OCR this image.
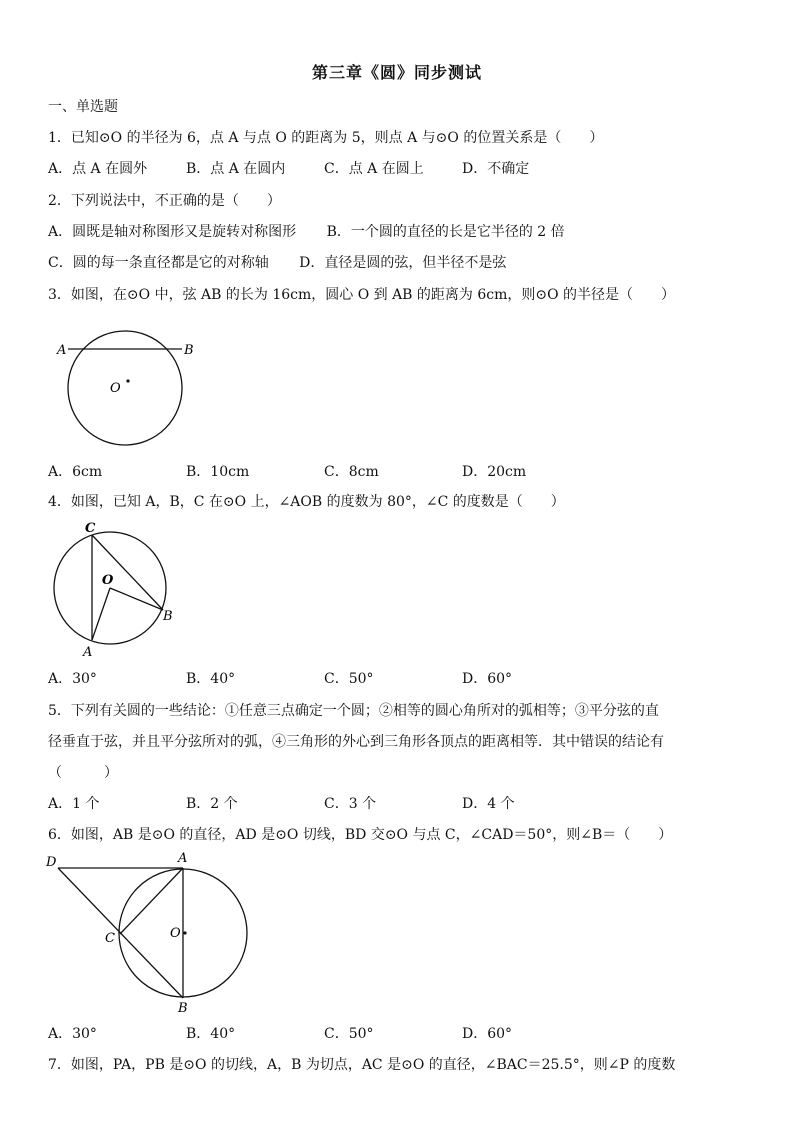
第三章《圆》同步测试
一、单选题
1．已知⊙O 的半径为 6，点 A 与点 O 的距离为 5，则点 A 与⊙O 的位置关系是（　　）
A．点 A 在圆外	B．点 A 在圆内	C．点 A 在圆上	D．不确定
2．下列说法中，不正确的是（　　）
A．圆既是轴对称图形又是旋转对称图形 B．一个圆的直径的长是它半径的 2 倍
C．圆的每一条直径都是它的对称轴 D．直径是圆的弦，但半径不是弦
3．如图，在⊙O 中，弦 AB 的长为 16cm，圆心 O 到 AB 的距离为 6cm，则⊙O 的半径是（　　）
A	B
O
A．6cm	B．10cm	C．8cm	D．20cm
4．如图，已知 A，B，C 在⊙O 上，∠AOB 的度数为 80°，∠C 的度数是（　　）
C
O
B
A
A．30°	B．40°	C．50°	D．60°
5．下列有关圆的一些结论：①任意三点确定一个圆；②相等的圆心角所对的弧相等；③平分弦的直
径垂直于弦，并且平分弦所对的弧，④三角形的外心到三角形各顶点的距离相等．其中错误的结论有
（　　　）
A．1 个	B．2 个	C．3 个	D．4 个
6．如图，AB 是⊙O 的直径，AD 是⊙O 切线，BD 交⊙O 与点 C，∠CAD＝50°，则∠B＝（　　）
D	A
O
C
B
A．30°	B．40°	C．50°	D．60°
7．如图，PA，PB 是⊙O 的切线，A，B 为切点，AC 是⊙O 的直径，∠BAC＝25.5°，则∠P 的度数
